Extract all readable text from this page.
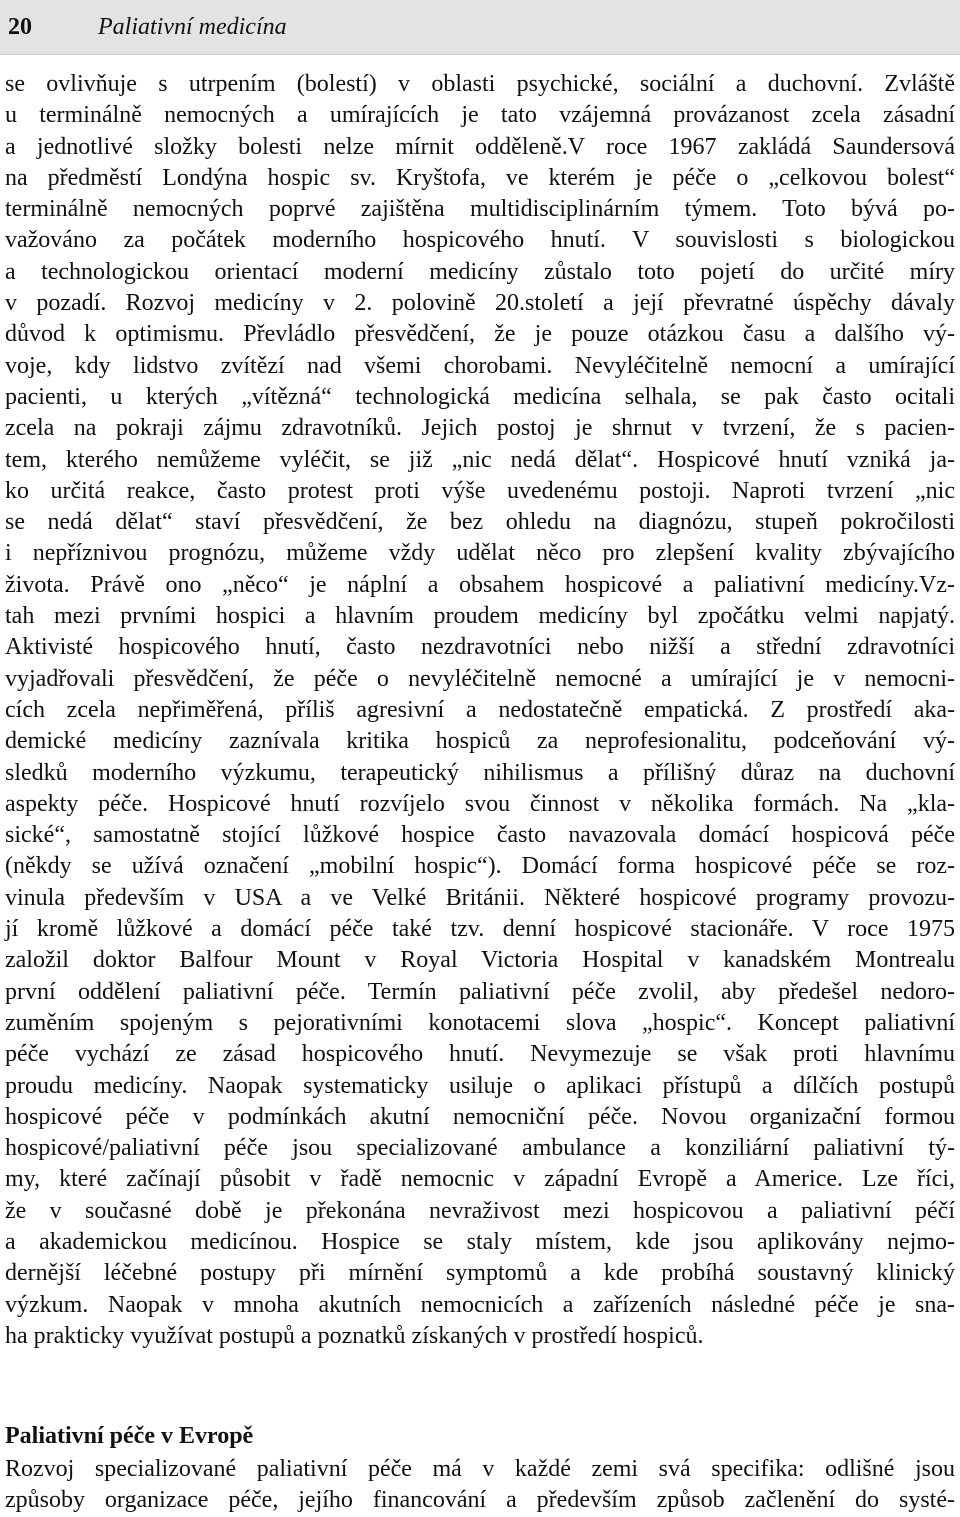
20	Paliativní medicína
se ovlivňuje s utrpením (bolestí) v oblasti psychické, sociální a duchovní. Zvláště
u terminálně nemocných a umírajících je tato vzájemná provázanost zcela zásadní
a jednotlivé složky bolesti nelze mírnit odděleně.V roce 1967 zakládá Saundersová
na předměstí Londýna hospic sv. Kryštofa, ve kterém je péče o „celkovou bolest“
terminálně nemocných poprvé zajištěna multidisciplinárním týmem. Toto bývá po-
važováno za počátek moderního hospicového hnutí. V souvislosti s biologickou
a technologickou orientací moderní medicíny zůstalo toto pojetí do určité míry
v pozadí. Rozvoj medicíny v 2. polovině 20.století a její převratné úspěchy dávaly
důvod k optimismu. Převládlo přesvědčení, že je pouze otázkou času a dalšího vý-
voje, kdy lidstvo zvítězí nad všemi chorobami. Nevyléčitelně nemocní a umírající
pacienti, u kterých „vítězná“ technologická medicína selhala, se pak často ocitali
zcela na pokraji zájmu zdravotníků. Jejich postoj je shrnut v tvrzení, že s pacien-
tem, kterého nemůžeme vyléčit, se již „nic nedá dělat“. Hospicové hnutí vzniká ja-
ko určitá reakce, často protest proti výše uvedenému postoji. Naproti tvrzení „nic
se nedá dělat“ staví přesvědčení, že bez ohledu na diagnózu, stupeň pokročilosti
i nepříznivou prognózu, můžeme vždy udělat něco pro zlepšení kvality zbývajícího
života. Právě ono „něco“ je náplní a obsahem hospicové a paliativní medicíny.Vz-
tah mezi prvními hospici a hlavním proudem medicíny byl zpočátku velmi napjatý.
Aktivisté hospicového hnutí, často nezdravotníci nebo nižší a střední zdravotníci
vyjadřovali přesvědčení, že péče o nevyléčitelně nemocné a umírající je v nemocni-
cích zcela nepřiměřená, příliš agresivní a nedostatečně empatická. Z prostředí aka-
demické medicíny zaznívala kritika hospiců za neprofesionalitu, podceňování vý-
sledků moderního výzkumu, terapeutický nihilismus a přílišný důraz na duchovní
aspekty péče. Hospicové hnutí rozvíjelo svou činnost v několika formách. Na „kla-
sické“, samostatně stojící lůžkové hospice často navazovala domácí hospicová péče
(někdy se užívá označení „mobilní hospic“). Domácí forma hospicové péče se roz-
vinula především v USA a ve Velké Británii. Některé hospicové programy provozu-
jí kromě lůžkové a domácí péče také tzv. denní hospicové stacionáře. V roce 1975
založil doktor Balfour Mount v Royal Victoria Hospital v kanadském Montrealu
první oddělení paliativní péče. Termín paliativní péče zvolil, aby předešel nedoro-
zuměním spojeným s pejorativními konotacemi slova „hospic“. Koncept paliativní
péče vychází ze zásad hospicového hnutí. Nevymezuje se však proti hlavnímu
proudu medicíny. Naopak systematicky usiluje o aplikaci přístupů a dílčích postupů
hospicové péče v podmínkách akutní nemocniční péče. Novou organizační formou
hospicové/paliativní péče jsou specializované ambulance a konziliární paliativní tý-
my, které začínají působit v řadě nemocnic v západní Evropě a Americe. Lze říci,
že v současné době je překonána nevraživost mezi hospicovou a paliativní péčí
a akademickou medicínou. Hospice se staly místem, kde jsou aplikovány nejmo-
dernější léčebné postupy při mírnění symptomů a kde probíhá soustavný klinický
výzkum. Naopak v mnoha akutních nemocnicích a zařízeních následné péče je sna-
ha prakticky využívat postupů a poznatků získaných v prostředí hospiců.
Paliativní péče v Evropě
Rozvoj specializované paliativní péče má v každé zemi svá specifika: odlišné jsou
způsoby organizace péče, jejího financování a především způsob začlenění do systé-
